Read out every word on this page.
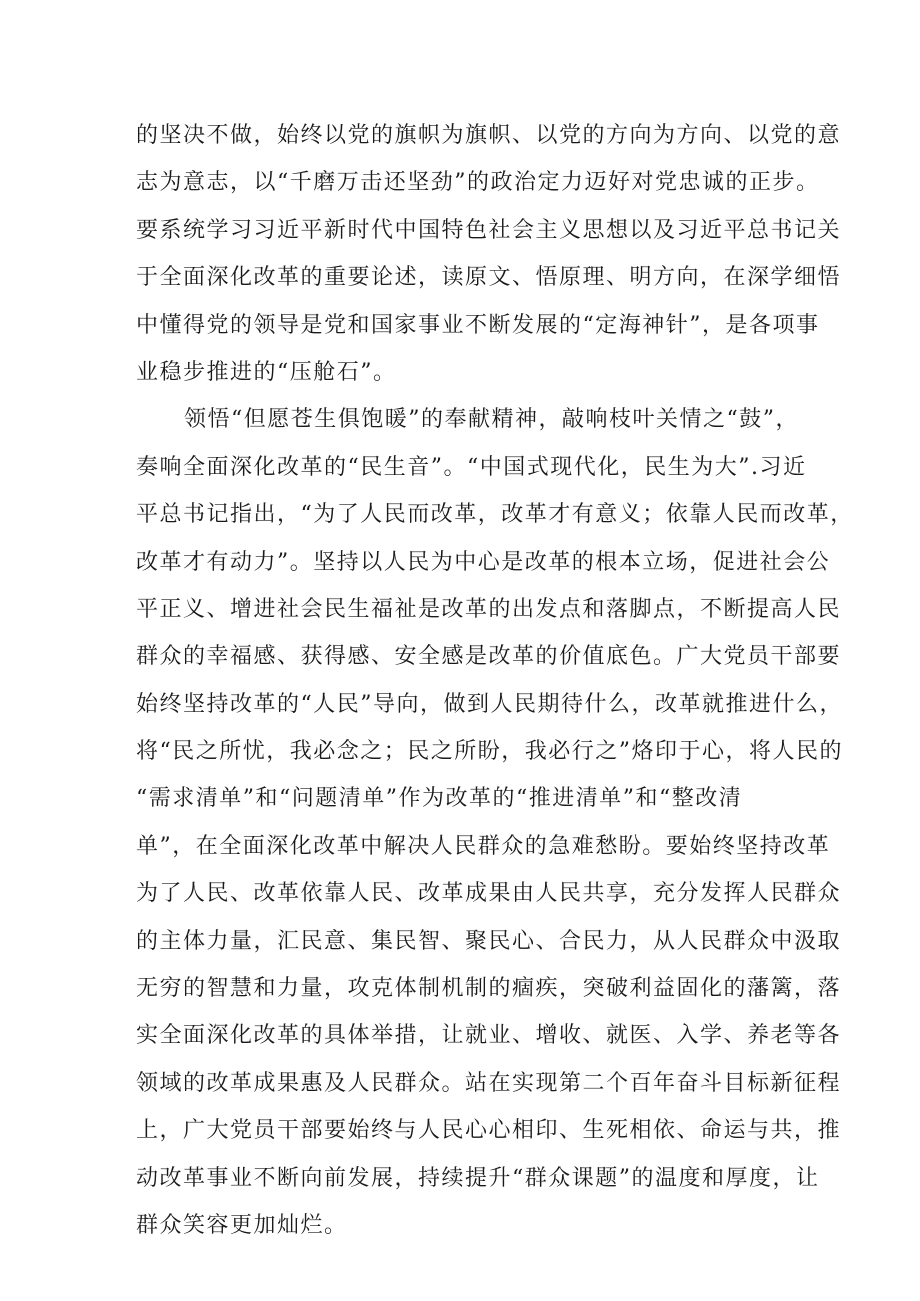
的坚决不做，始终以党的旗帜为旗帜、以党的方向为方向、以党的意
志为意志，以“千磨万击还坚劲”的政治定力迈好对党忠诚的正步。
要系统学习习近平新时代中国特色社会主义思想以及习近平总书记关
于全面深化改革的重要论述，读原文、悟原理、明方向，在深学细悟
中懂得党的领导是党和国家事业不断发展的“定海神针”，是各项事
业稳步推进的“压舱石”。
领悟“但愿苍生俱饱暖”的奉献精神，敲响枝叶关情之“鼓”，
奏响全面深化改革的“民生音”。“中国式现代化，民生为大”.习近
平总书记指出，“为了人民而改革，改革才有意义；依靠人民而改革，
改革才有动力”。坚持以人民为中心是改革的根本立场，促进社会公
平正义、增进社会民生福祉是改革的出发点和落脚点，不断提高人民
群众的幸福感、获得感、安全感是改革的价值底色。广大党员干部要
始终坚持改革的“人民”导向，做到人民期待什么，改革就推进什么，
将“民之所忧，我必念之；民之所盼，我必行之”烙印于心，将人民的
“需求清单”和“问题清单”作为改革的“推进清单”和“整改清
单”，在全面深化改革中解决人民群众的急难愁盼。要始终坚持改革
为了人民、改革依靠人民、改革成果由人民共享，充分发挥人民群众
的主体力量，汇民意、集民智、聚民心、合民力，从人民群众中汲取
无穷的智慧和力量，攻克体制机制的痼疾，突破利益固化的藩篱，落
实全面深化改革的具体举措，让就业、增收、就医、入学、养老等各
领域的改革成果惠及人民群众。站在实现第二个百年奋斗目标新征程
上，广大党员干部要始终与人民心心相印、生死相依、命运与共，推
动改革事业不断向前发展，持续提升“群众课题”的温度和厚度，让
群众笑容更加灿烂。
